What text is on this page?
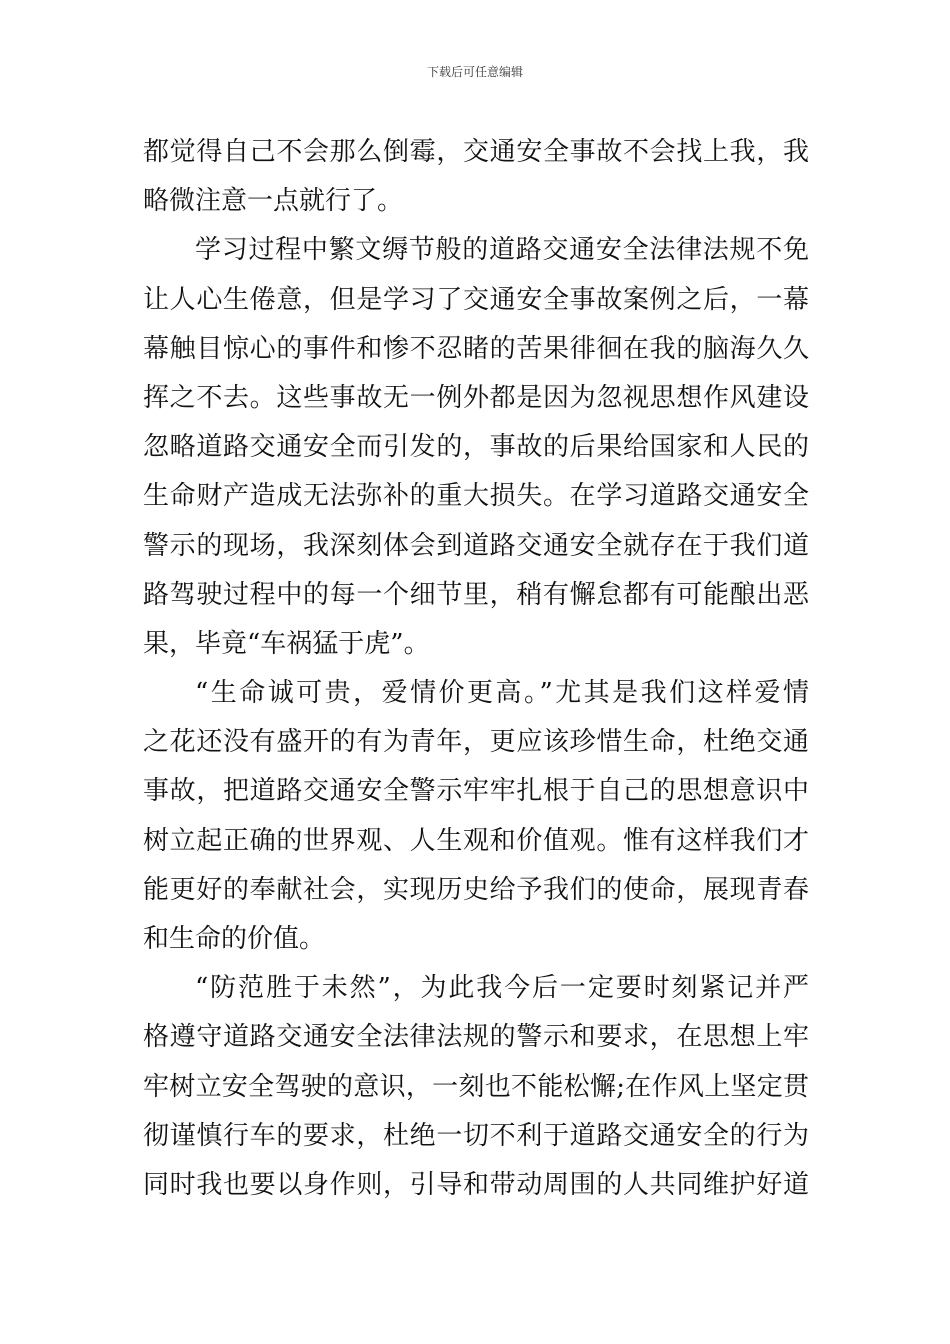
下载后可任意编辑
都觉得自己不会那么倒霉，交通安全事故不会找上我，我
略微注意一点就行了。
学习过程中繁文缛节般的道路交通安全法律法规不免
让人心生倦意，但是学习了交通安全事故案例之后，一幕
幕触目惊心的事件和惨不忍睹的苦果徘徊在我的脑海久久
挥之不去。这些事故无一例外都是因为忽视思想作风建设
忽略道路交通安全而引发的，事故的后果给国家和人民的
生命财产造成无法弥补的重大损失。在学习道路交通安全
警示的现场，我深刻体会到道路交通安全就存在于我们道
路驾驶过程中的每一个细节里，稍有懈怠都有可能酿出恶
果，毕竟“车祸猛于虎”。
“生命诚可贵，爱情价更高。”尤其是我们这样爱情
之花还没有盛开的有为青年，更应该珍惜生命，杜绝交通
事故，把道路交通安全警示牢牢扎根于自己的思想意识中
树立起正确的世界观、人生观和价值观。惟有这样我们才
能更好的奉献社会，实现历史给予我们的使命，展现青春
和生命的价值。
“防范胜于未然”，为此我今后一定要时刻紧记并严
格遵守道路交通安全法律法规的警示和要求，在思想上牢
牢树立安全驾驶的意识，一刻也不能松懈;在作风上坚定贯
彻谨慎行车的要求，杜绝一切不利于道路交通安全的行为
同时我也要以身作则，引导和带动周围的人共同维护好道
